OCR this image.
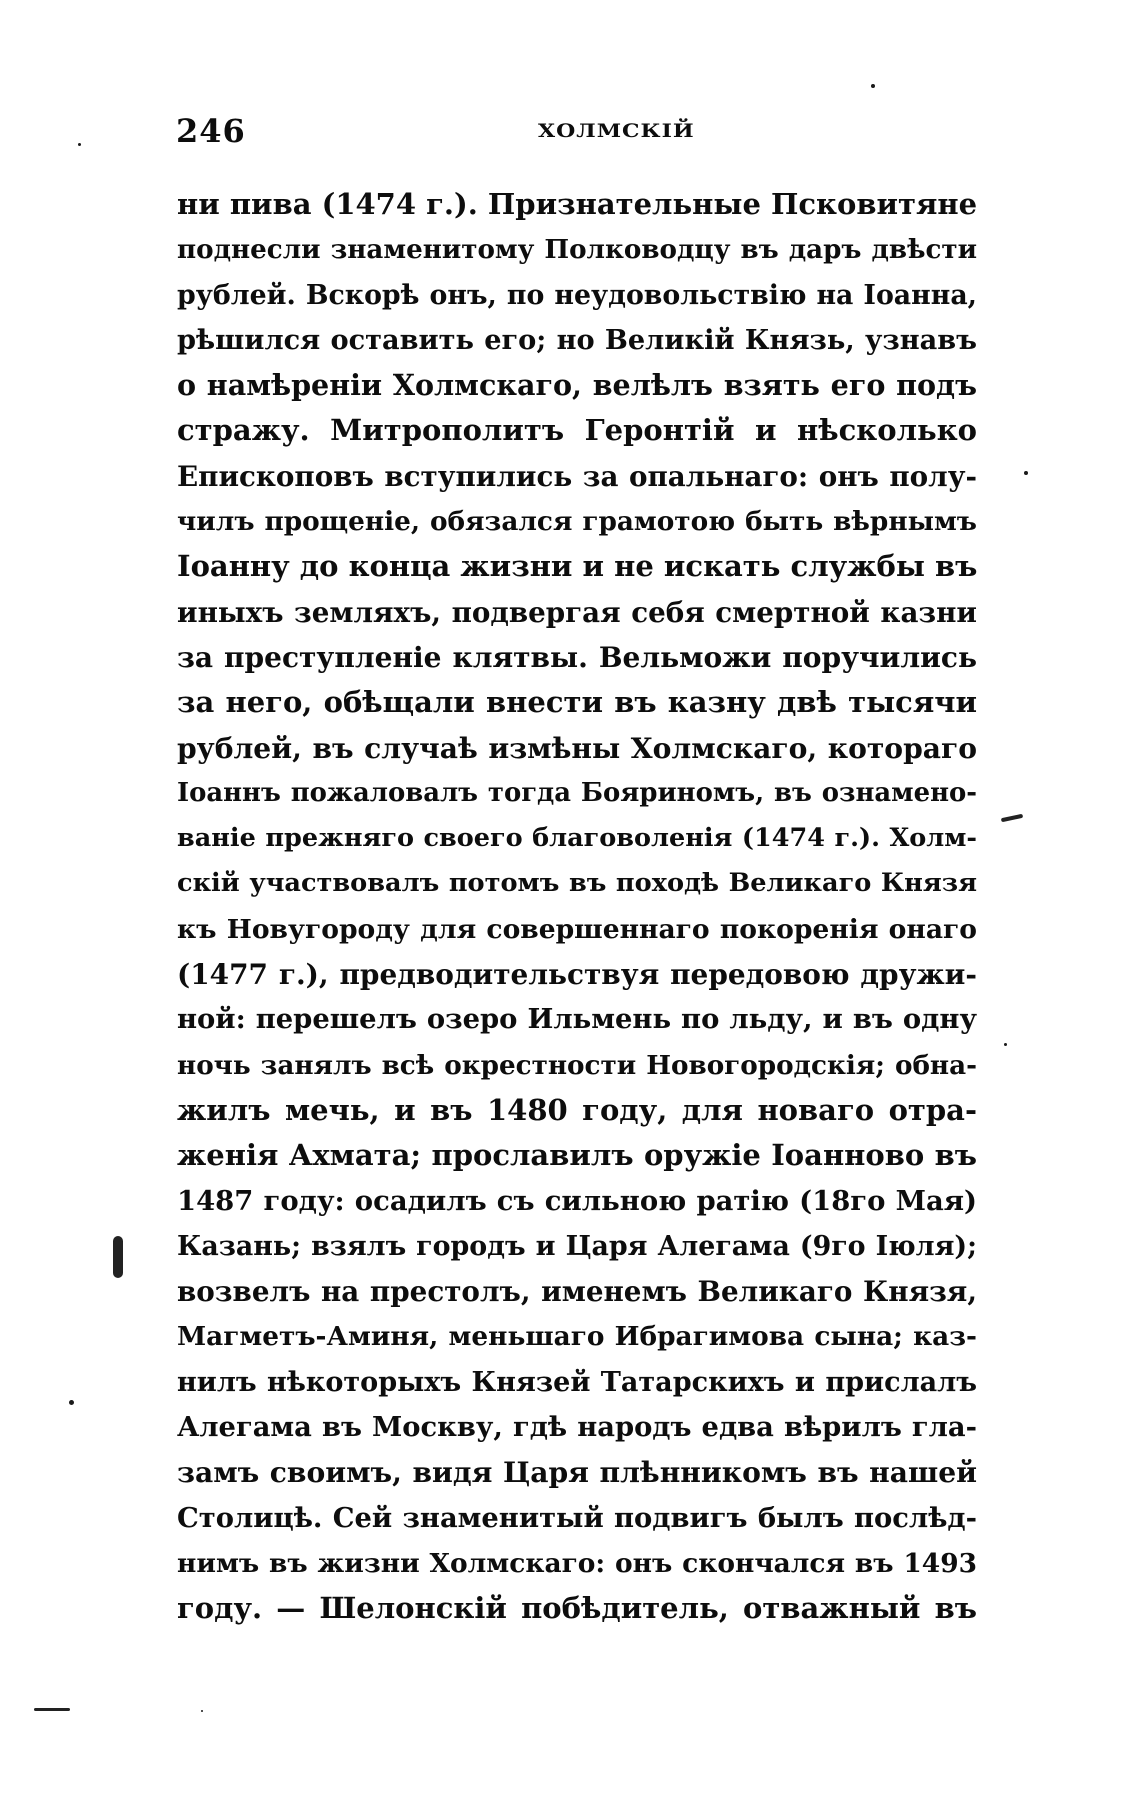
246	ХОЛМСКІЙ
ни пива (1474 г.). Признательные Псковитяне
поднесли знаменитому Полководцу въ даръ двѣсти
рублей. Вскорѣ онъ, по неудовольствію на Іоанна,
рѣшился оставить его; но Великій Князь, узнавъ
о намѣреніи Холмскаго, велѣлъ взять его подъ
стражу. Митрополитъ Геронтій и нѣсколько
Епископовъ вступились за опальнаго: онъ полу-
чилъ прощеніе, обязался грамотою быть вѣрнымъ
Іоанну до конца жизни и не искать службы въ
иныхъ земляхъ, подвергая себя смертной казни
за преступленіе клятвы. Вельможи поручились
за него, обѣщали внести въ казну двѣ тысячи
рублей, въ случаѣ измѣны Холмскаго, котораго
Іоаннъ пожаловалъ тогда Бояриномъ, въ ознамено-
ваніе прежняго своего благоволенія (1474 г.). Холм-
скій участвовалъ потомъ въ походѣ Великаго Князя
къ Новугороду для совершеннаго покоренія онаго
(1477 г.), предводительствуя передовою дружи-
ной: перешелъ озеро Ильмень по льду, и въ одну
ночь занялъ всѣ окрестности Новогородскія; обна-
жилъ мечь, и въ 1480 году, для новаго отра-
женія Ахмата; прославилъ оружіе Іоанново въ
1487 году: осадилъ съ сильною ратію (18го Мая)
Казань; взялъ городъ и Царя Алегама (9го Іюля);
возвелъ на престолъ, именемъ Великаго Князя,
Магметъ-Аминя, меньшаго Ибрагимова сына; каз-
нилъ нѣкоторыхъ Князей Татарскихъ и прислалъ
Алегама въ Москву, гдѣ народъ едва вѣрилъ гла-
замъ своимъ, видя Царя плѣнникомъ въ нашей
Столицѣ. Сей знаменитый подвигъ былъ послѣд-
нимъ въ жизни Холмскаго: онъ скончался въ 1493
году. — Шелонскій побѣдитель, отважный въ
